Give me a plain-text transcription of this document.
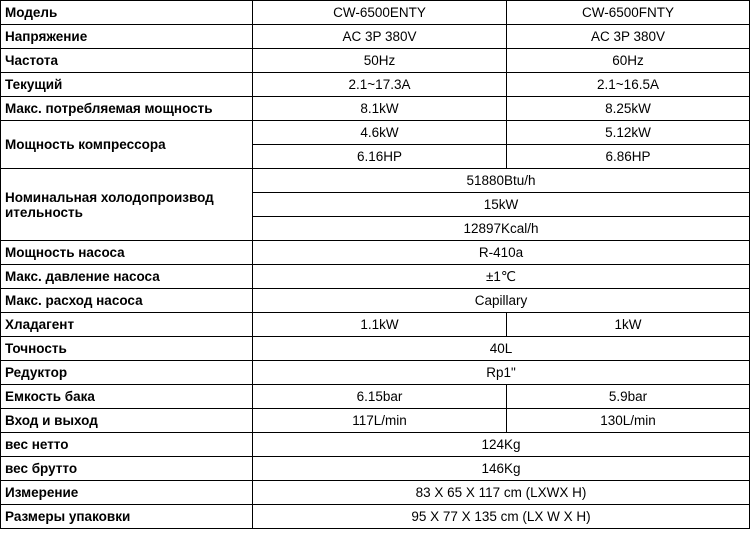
Модель	CW-6500ENTY	CW-6500FNTY
Напряжение	AC 3P 380V	AC 3P 380V
Частота	50Hz	60Hz
Текущий	2.1~17.3A	2.1~16.5A
Макс. потребляемая мощность	8.1kW	8.25kW
Мощность компрессора	4.6kW	5.12kW
	6.16HP	6.86HP
Номинальная холодопроизвод ительность	51880Btu/h	
	15kW	
	12897Kcal/h	
Мощность насоса	R-410a	
Макс. давление насоса	±1℃	
Макс. расход насоса	Capillary	
Хладагент	1.1kW	1kW
Точность	40L	
Редуктор	Rp1"	
Емкость бака	6.15bar	5.9bar
Вход и выход	117L/min	130L/min
вес нетто	124Kg	
вес брутто	146Kg	
Измерение	83 X 65 X 117 cm (LXWX H)	
Размеры упаковки	95 X 77 X 135 cm (LX W X H)	
